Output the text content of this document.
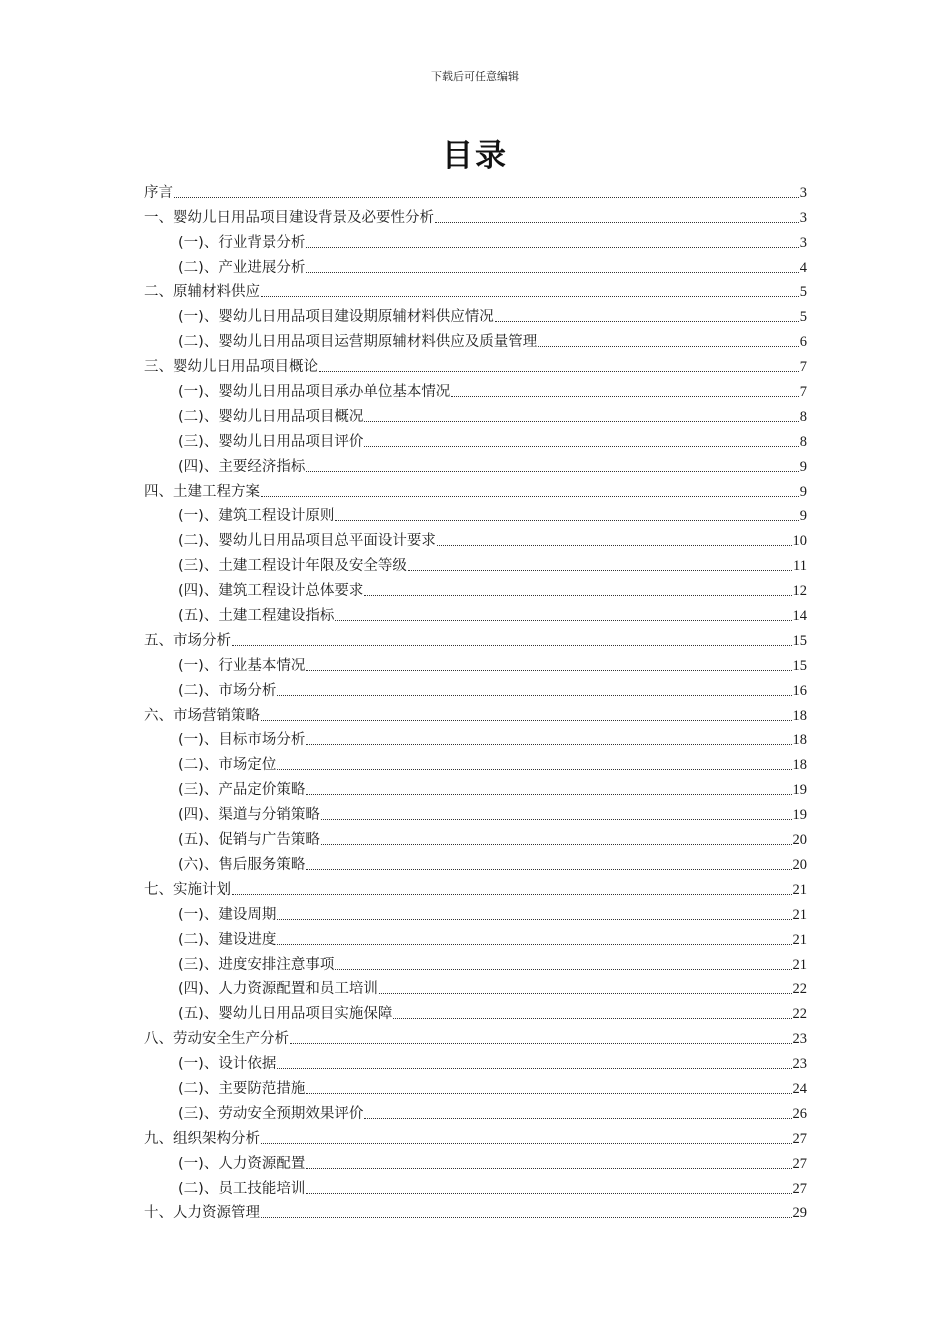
下载后可任意编辑
目录
序言	3
一、婴幼儿日用品项目建设背景及必要性分析	3
(一)、行业背景分析	3
(二)、产业进展分析	4
二、原辅材料供应	5
(一)、婴幼儿日用品项目建设期原辅材料供应情况	5
(二)、婴幼儿日用品项目运营期原辅材料供应及质量管理	6
三、婴幼儿日用品项目概论	7
(一)、婴幼儿日用品项目承办单位基本情况	7
(二)、婴幼儿日用品项目概况	8
(三)、婴幼儿日用品项目评价	8
(四)、主要经济指标	9
四、土建工程方案	9
(一)、建筑工程设计原则	9
(二)、婴幼儿日用品项目总平面设计要求	10
(三)、土建工程设计年限及安全等级	11
(四)、建筑工程设计总体要求	12
(五)、土建工程建设指标	14
五、市场分析	15
(一)、行业基本情况	15
(二)、市场分析	16
六、市场营销策略	18
(一)、目标市场分析	18
(二)、市场定位	18
(三)、产品定价策略	19
(四)、渠道与分销策略	19
(五)、促销与广告策略	20
(六)、售后服务策略	20
七、实施计划	21
(一)、建设周期	21
(二)、建设进度	21
(三)、进度安排注意事项	21
(四)、人力资源配置和员工培训	22
(五)、婴幼儿日用品项目实施保障	22
八、劳动安全生产分析	23
(一)、设计依据	23
(二)、主要防范措施	24
(三)、劳动安全预期效果评价	26
九、组织架构分析	27
(一)、人力资源配置	27
(二)、员工技能培训	27
十、人力资源管理	29
